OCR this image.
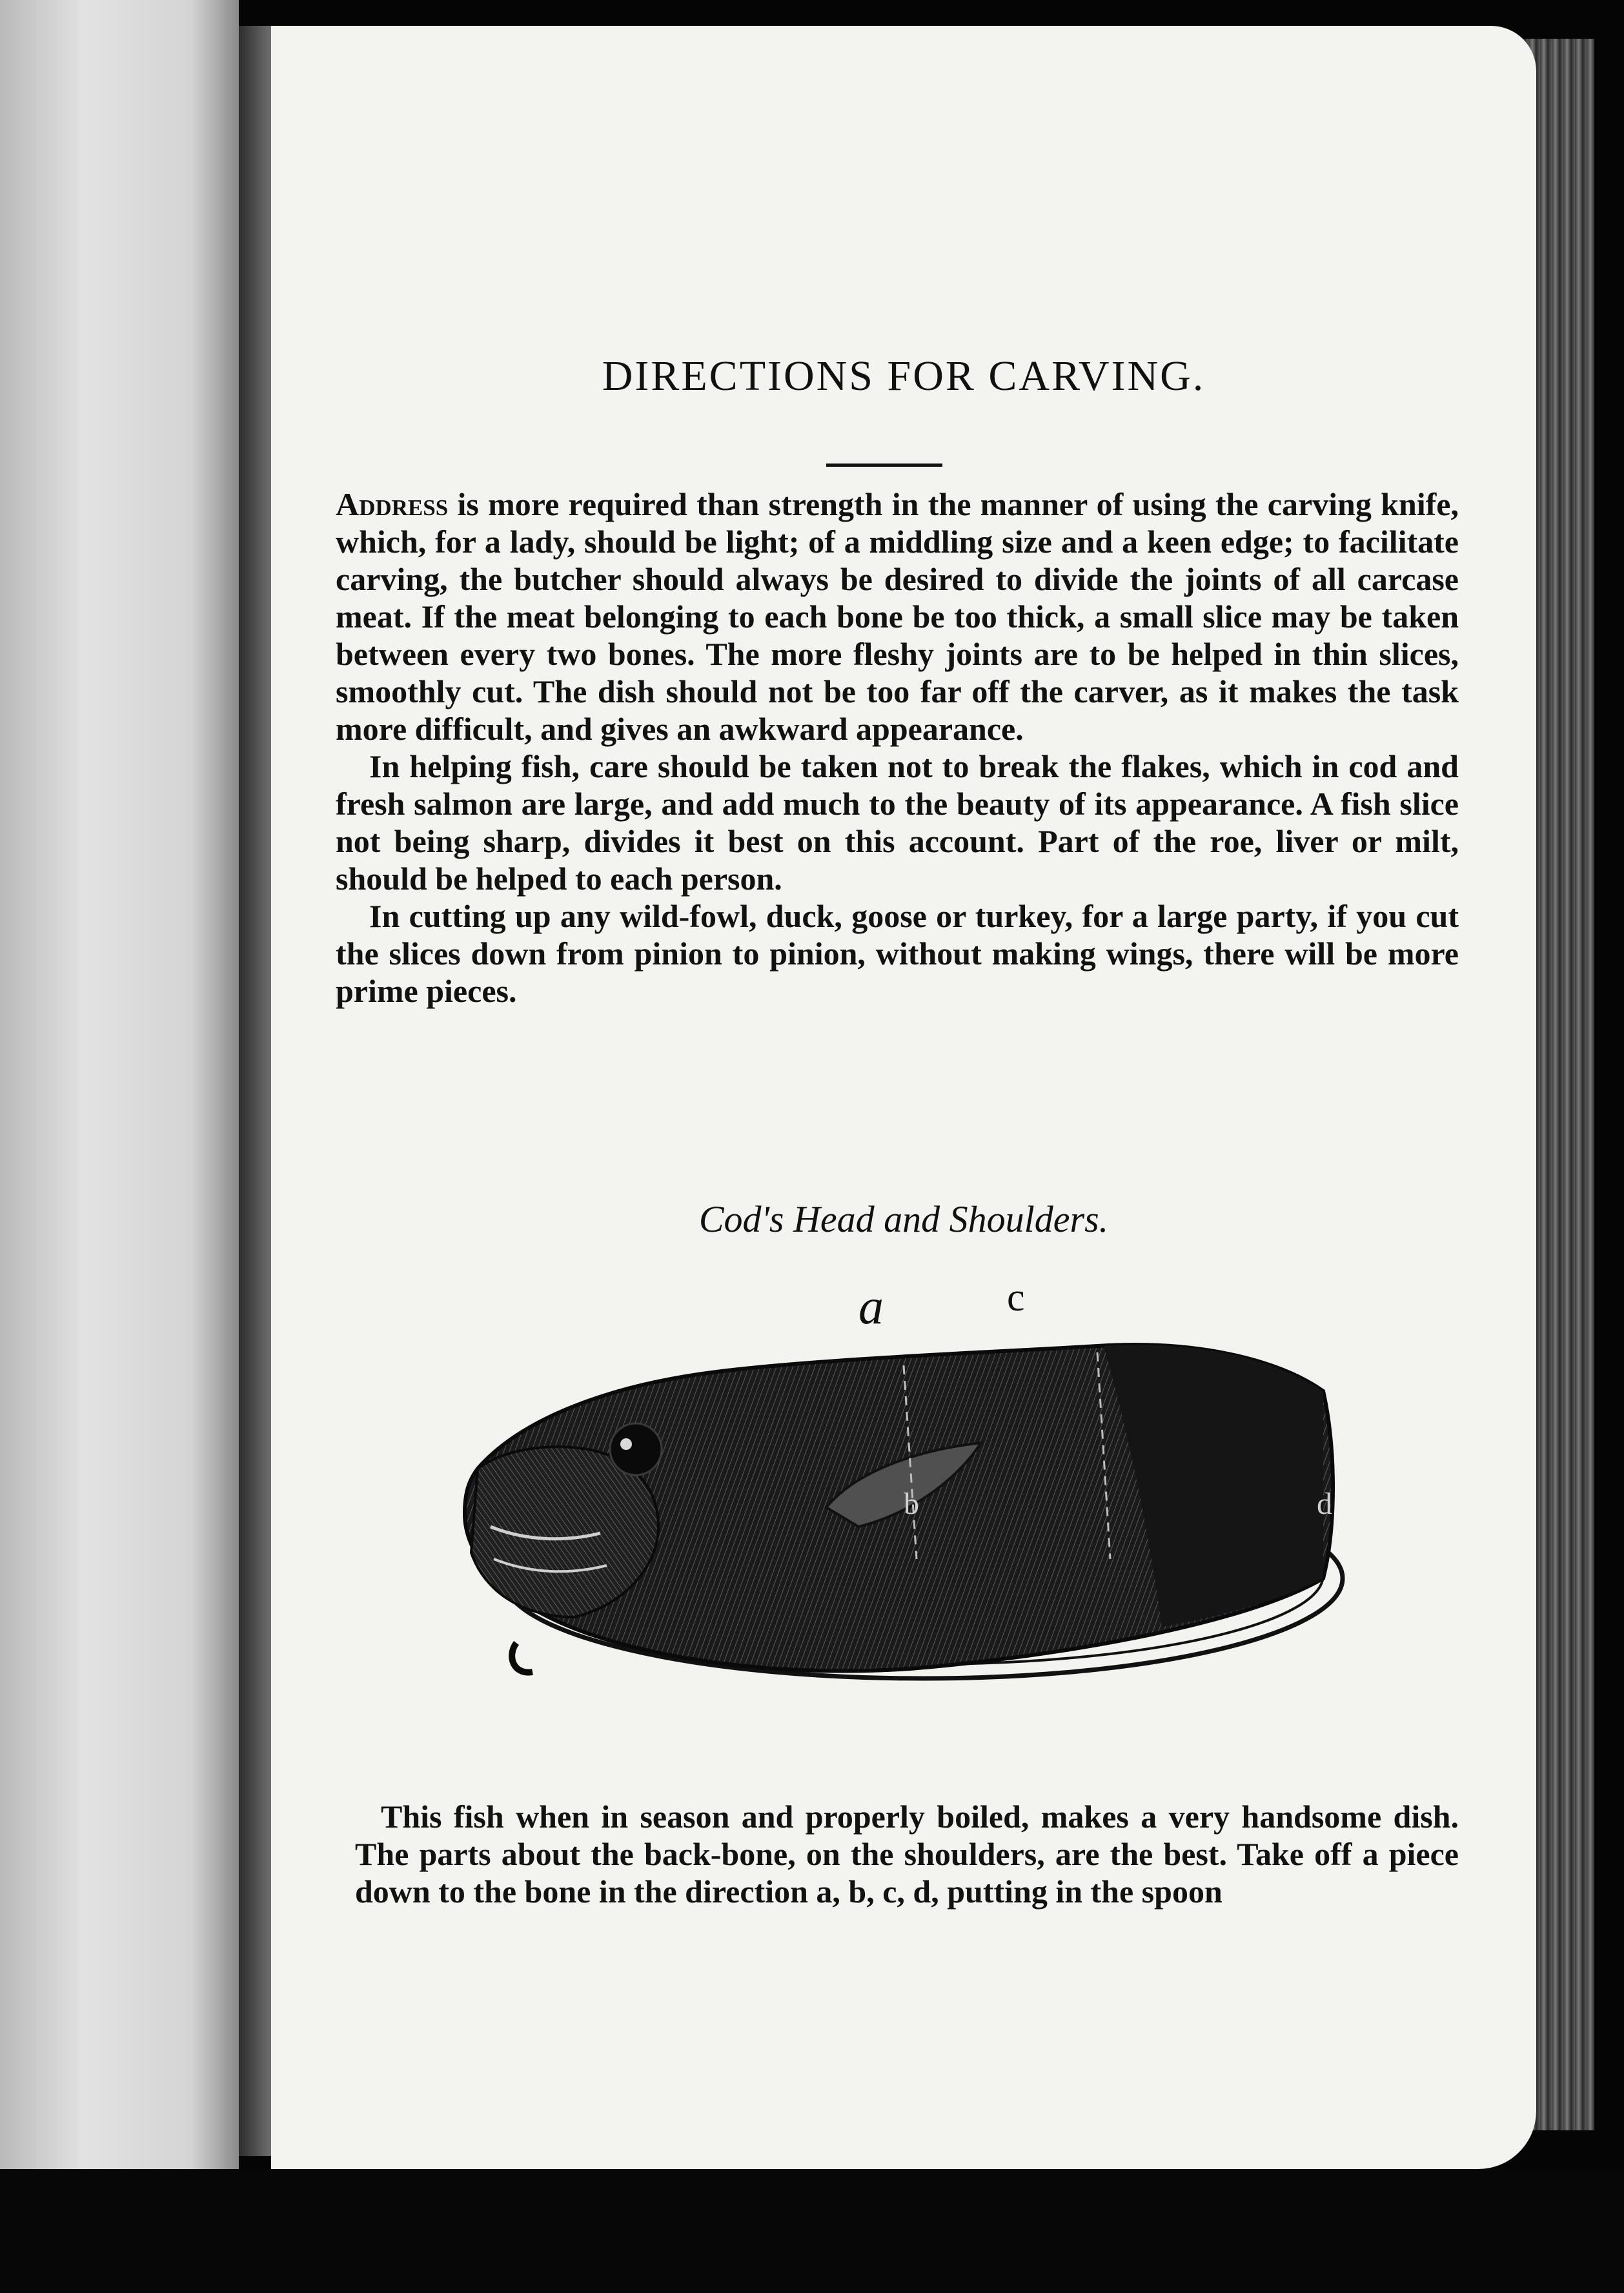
DIRECTIONS FOR CARVING.

Address is more required than strength in the manner of using the carving knife, which, for a lady, should be light; of a middling size and a keen edge; to facilitate carving, the butcher should always be desired to divide the joints of all carcase meat. If the meat belonging to each bone be too thick, a small slice may be taken between every two bones. The more fleshy joints are to be helped in thin slices, smoothly cut. The dish should not be too far off the carver, as it makes the task more difficult, and gives an awkward appearance.

In helping fish, care should be taken not to break the flakes, which in cod and fresh salmon are large, and add much to the beauty of its appearance. A fish slice not being sharp, divides it best on this account. Part of the roe, liver or milt, should be helped to each person.

In cutting up any wild-fowl, duck, goose or turkey, for a large party, if you cut the slices down from pinion to pinion, without making wings, there will be more prime pieces.

Cod's Head and Shoulders.
a	c
b	d

This fish when in season and properly boiled, makes a very handsome dish. The parts about the back-bone, on the shoulders, are the best. Take off a piece down to the bone in the direction a, b, c, d, putting in the spoon
